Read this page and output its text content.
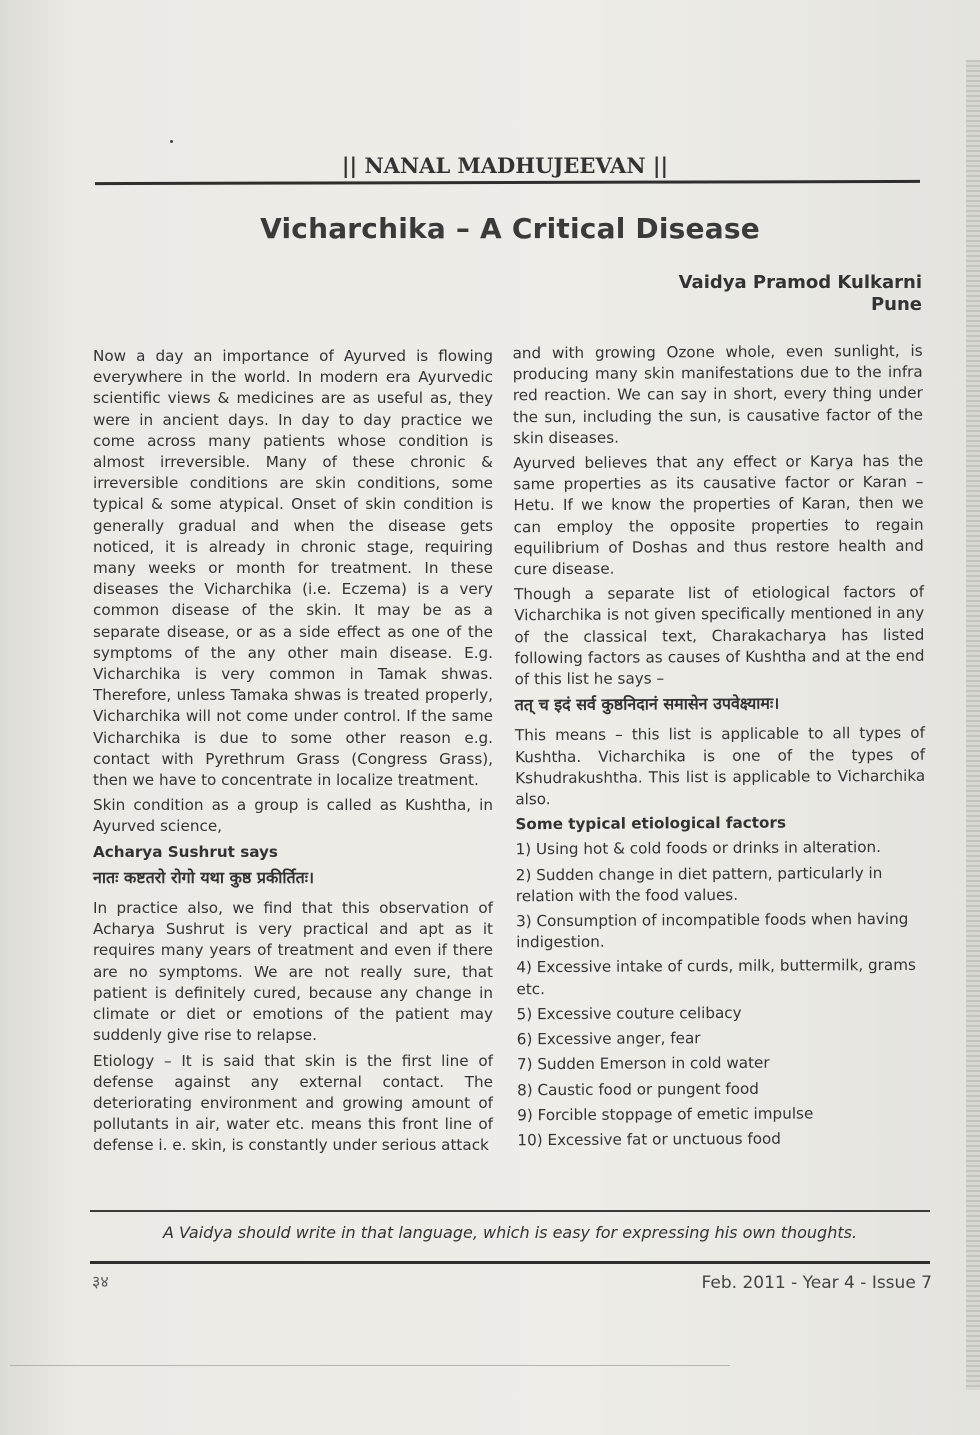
|| NANAL MADHUJEEVAN ||
Vicharchika – A Critical Disease
Vaidya Pramod Kulkarni
Pune

Now a day an importance of Ayurved is flowing everywhere in the world. In modern era Ayurvedic scientific views & medicines are as useful as, they were in ancient days. In day to day practice we come across many patients whose condition is almost irreversible. Many of these chronic & irreversible conditions are skin conditions, some typical & some atypical. Onset of skin condition is generally gradual and when the disease gets noticed, it is already in chronic stage, requiring many weeks or month for treatment. In these diseases the Vicharchika (i.e. Eczema) is a very common disease of the skin. It may be as a separate disease, or as a side effect as one of the symptoms of the any other main disease. E.g. Vicharchika is very common in Tamak shwas. Therefore, unless Tamaka shwas is treated properly, Vicharchika will not come under control. If the same Vicharchika is due to some other reason e.g. contact with Pyrethrum Grass (Congress Grass), then we have to concentrate in localize treatment.

Skin condition as a group is called as Kushtha, in Ayurved science,

Acharya Sushrut says
नातः कष्टतरो रोगो यथा कुष्ठ प्रकीर्तितः।

In practice also, we find that this observation of Acharya Sushrut is very practical and apt as it requires many years of treatment and even if there are no symptoms. We are not really sure, that patient is definitely cured, because any change in climate or diet or emotions of the patient may suddenly give rise to relapse.

Etiology – It is said that skin is the first line of defense against any external contact. The deteriorating environment and growing amount of pollutants in air, water etc. means this front line of defense i. e. skin, is constantly under serious attack

and with growing Ozone whole, even sunlight, is producing many skin manifestations due to the infra red reaction. We can say in short, every thing under the sun, including the sun, is causative factor of the skin diseases.

Ayurved believes that any effect or Karya has the same properties as its causative factor or Karan – Hetu. If we know the properties of Karan, then we can employ the opposite properties to regain equilibrium of Doshas and thus restore health and cure disease.

Though a separate list of etiological factors of Vicharchika is not given specifically mentioned in any of the classical text, Charakacharya has listed following factors as causes of Kushtha and at the end of this list he says –

तत् च इदं सर्व कुष्ठनिदानं समासेन उपवेक्ष्यामः।

This means – this list is applicable to all types of Kushtha. Vicharchika is one of the types of Kshudrakushtha. This list is applicable to Vicharchika also.

Some typical etiological factors
1) Using hot & cold foods or drinks in alteration.
2) Sudden change in diet pattern, particularly in relation with the food values.
3) Consumption of incompatible foods when having indigestion.
4) Excessive intake of curds, milk, buttermilk, grams etc.
5) Excessive couture celibacy
6) Excessive anger, fear
7) Sudden Emerson in cold water
8) Caustic food or pungent food
9) Forcible stoppage of emetic impulse
10) Excessive fat or unctuous food
A Vaidya should write in that language, which is easy for expressing his own thoughts.
३४	Feb. 2011 - Year 4 - Issue 7
